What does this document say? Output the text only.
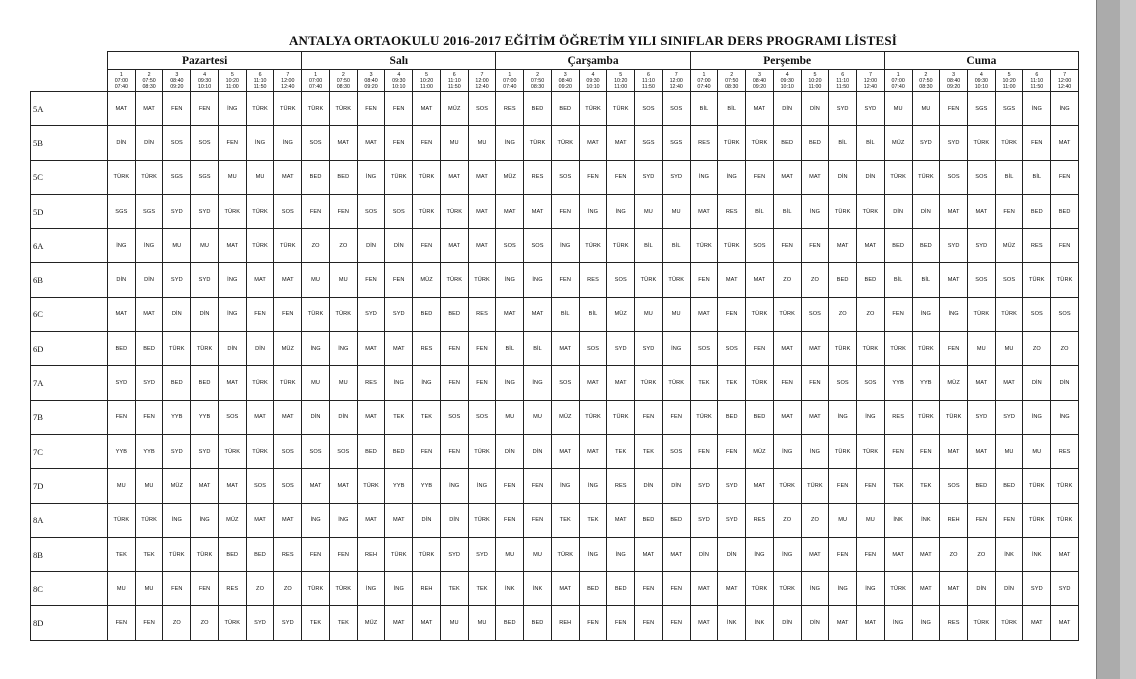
ANTALYA ORTAOKULU 2016-2017 EĞİTİM ÖĞRETİM YILI SINIFLAR DERS PROGRAMI LİSTESİ
	Pazartesi							Salı							Çarşamba							Perşembe							Cuma						

	1
07:00
07:40	2
07:50
08:30	3
08:40
09:20	4
09:30
10:10	5
10:20
11:00	6
11:10
11:50	7
12:00
12:40	1
07:00
07:40	2
07:50
08:30	3
08:40
09:20	4
09:30
10:10	5
10:20
11:00	6
11:10
11:50	7
12:00
12:40	1
07:00
07:40	2
07:50
08:30	3
08:40
09:20	4
09:30
10:10	5
10:20
11:00	6
11:10
11:50	7
12:00
12:40	1
07:00
07:40	2
07:50
08:30	3
08:40
09:20	4
09:30
10:10	5
10:20
11:00	6
11:10
11:50	7
12:00
12:40	1
07:00
07:40	2
07:50
08:30	3
08:40
09:20	4
09:30
10:10	5
10:20
11:00	6
11:10
11:50	7
12:00
12:40

5A	MAT	MAT	FEN	FEN	İNG	TÜRK	TÜRK	TÜRK	TÜRK	FEN	FEN	MAT	MÜZ	SOS	RES	BED	BED	TÜRK	TÜRK	SOS	SOS	BİL	BİL	MAT	DİN	DİN	SYD	SYD	MU	MU	FEN	SGS	SGS	İNG	İNG
5B	DİN	DİN	SOS	SOS	FEN	İNG	İNG	SOS	MAT	MAT	FEN	FEN	MU	MU	İNG	TÜRK	TÜRK	MAT	MAT	SGS	SGS	RES	TÜRK	TÜRK	BED	BED	BİL	BİL	MÜZ	SYD	SYD	TÜRK	TÜRK	FEN	MAT
5C	TÜRK	TÜRK	SGS	SGS	MU	MU	MAT	BED	BED	İNG	TÜRK	TÜRK	MAT	MAT	MÜZ	RES	SOS	FEN	FEN	SYD	SYD	İNG	İNG	FEN	MAT	MAT	DİN	DİN	TÜRK	TÜRK	SOS	SOS	BİL	BİL	FEN
5D	SGS	SGS	SYD	SYD	TÜRK	TÜRK	SOS	FEN	FEN	SOS	SOS	TÜRK	TÜRK	MAT	MAT	MAT	FEN	İNG	İNG	MU	MU	MAT	RES	BİL	BİL	İNG	TÜRK	TÜRK	DİN	DİN	MAT	MAT	FEN	BED	BED
6A	İNG	İNG	MU	MU	MAT	TÜRK	TÜRK	ZO	ZO	DİN	DİN	FEN	MAT	MAT	SOS	SOS	İNG	TÜRK	TÜRK	BİL	BİL	TÜRK	TÜRK	SOS	FEN	FEN	MAT	MAT	BED	BED	SYD	SYD	MÜZ	RES	FEN
6B	DİN	DİN	SYD	SYD	İNG	MAT	MAT	MU	MU	FEN	FEN	MÜZ	TÜRK	TÜRK	İNG	İNG	FEN	RES	SOS	TÜRK	TÜRK	FEN	MAT	MAT	ZO	ZO	BED	BED	BİL	BİL	MAT	SOS	SOS	TÜRK	TÜRK
6C	MAT	MAT	DİN	DİN	İNG	FEN	FEN	TÜRK	TÜRK	SYD	SYD	BED	BED	RES	MAT	MAT	BİL	BİL	MÜZ	MU	MU	MAT	FEN	TÜRK	TÜRK	SOS	ZO	ZO	FEN	İNG	İNG	TÜRK	TÜRK	SOS	SOS
6D	BED	BED	TÜRK	TÜRK	DİN	DİN	MÜZ	İNG	İNG	MAT	MAT	RES	FEN	FEN	BİL	BİL	MAT	SOS	SYD	SYD	İNG	SOS	SOS	FEN	MAT	MAT	TÜRK	TÜRK	TÜRK	TÜRK	FEN	MU	MU	ZO	ZO
7A	SYD	SYD	BED	BED	MAT	TÜRK	TÜRK	MU	MU	RES	İNG	İNG	FEN	FEN	İNG	İNG	SOS	MAT	MAT	TÜRK	TÜRK	TEK	TEK	TÜRK	FEN	FEN	SOS	SOS	YYB	YYB	MÜZ	MAT	MAT	DİN	DİN
7B	FEN	FEN	YYB	YYB	SOS	MAT	MAT	DİN	DİN	MAT	TEK	TEK	SOS	SOS	MU	MU	MÜZ	TÜRK	TÜRK	FEN	FEN	TÜRK	BED	BED	MAT	MAT	İNG	İNG	RES	TÜRK	TÜRK	SYD	SYD	İNG	İNG
7C	YYB	YYB	SYD	SYD	TÜRK	TÜRK	SOS	SOS	SOS	BED	BED	FEN	FEN	TÜRK	DİN	DİN	MAT	MAT	TEK	TEK	SOS	FEN	FEN	MÜZ	İNG	İNG	TÜRK	TÜRK	FEN	FEN	MAT	MAT	MU	MU	RES
7D	MU	MU	MÜZ	MAT	MAT	SOS	SOS	MAT	MAT	TÜRK	YYB	YYB	İNG	İNG	FEN	FEN	İNG	İNG	RES	DİN	DİN	SYD	SYD	MAT	TÜRK	TÜRK	FEN	FEN	TEK	TEK	SOS	BED	BED	TÜRK	TÜRK
8A	TÜRK	TÜRK	İNG	İNG	MÜZ	MAT	MAT	İNG	İNG	MAT	MAT	DİN	DİN	TÜRK	FEN	FEN	TEK	TEK	MAT	BED	BED	SYD	SYD	RES	ZO	ZO	MU	MU	İNK	İNK	REH	FEN	FEN	TÜRK	TÜRK
8B	TEK	TEK	TÜRK	TÜRK	BED	BED	RES	FEN	FEN	REH	TÜRK	TÜRK	SYD	SYD	MU	MU	TÜRK	İNG	İNG	MAT	MAT	DİN	DİN	İNG	İNG	MAT	FEN	FEN	MAT	MAT	ZO	ZO	İNK	İNK	MAT
8C	MU	MU	FEN	FEN	RES	ZO	ZO	TÜRK	TÜRK	İNG	İNG	REH	TEK	TEK	İNK	İNK	MAT	BED	BED	FEN	FEN	MAT	MAT	TÜRK	TÜRK	İNG	İNG	İNG	TÜRK	MAT	MAT	DİN	DİN	SYD	SYD
8D	FEN	FEN	ZO	ZO	TÜRK	SYD	SYD	TEK	TEK	MÜZ	MAT	MAT	MU	MU	BED	BED	REH	FEN	FEN	FEN	FEN	MAT	İNK	İNK	DİN	DİN	MAT	MAT	İNG	İNG	RES	TÜRK	TÜRK	MAT	MAT
